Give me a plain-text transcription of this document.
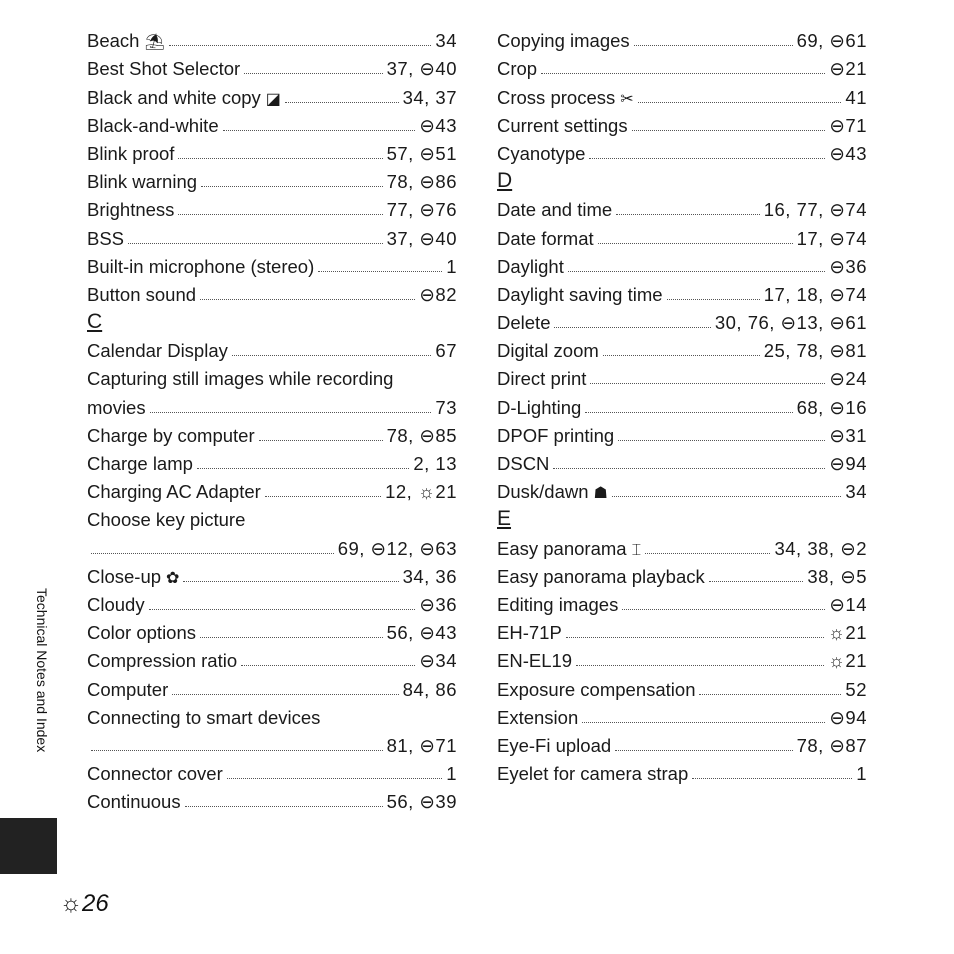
Beach ⛱	34
Best Shot Selector	37, ⊖40
Black and white copy ◪	34, 37
Black-and-white	⊖43
Blink proof	57, ⊖51
Blink warning	78, ⊖86
Brightness	77, ⊖76
BSS	37, ⊖40
Built-in microphone (stereo)	1
Button sound	⊖82
C
Calendar Display	67
Capturing still images while recording
movies	73
Charge by computer	78, ⊖85
Charge lamp	2, 13
Charging AC Adapter	12, ☼21
Choose key picture
69, ⊖12, ⊖63
Close-up ✿	34, 36
Cloudy	⊖36
Color options	56, ⊖43
Compression ratio	⊖34
Computer	84, 86
Connecting to smart devices
81, ⊖71
Connector cover	1
Continuous	56, ⊖39
Copying images	69, ⊖61
Crop	⊖21
Cross process ✂	41
Current settings	⊖71
Cyanotype	⊖43
D
Date and time	16, 77, ⊖74
Date format	17, ⊖74
Daylight	⊖36
Daylight saving time	17, 18, ⊖74
Delete	30, 76, ⊖13, ⊖61
Digital zoom	25, 78, ⊖81
Direct print	⊖24
D-Lighting	68, ⊖16
DPOF printing	⊖31
DSCN	⊖94
Dusk/dawn ☗	34
E
Easy panorama ⌶	34, 38, ⊖2
Easy panorama playback	38, ⊖5
Editing images	⊖14
EH-71P	☼21
EN-EL19	☼21
Exposure compensation	52
Extension	⊖94
Eye-Fi upload	78, ⊖87
Eyelet for camera strap	1
Technical Notes and Index
☼26
